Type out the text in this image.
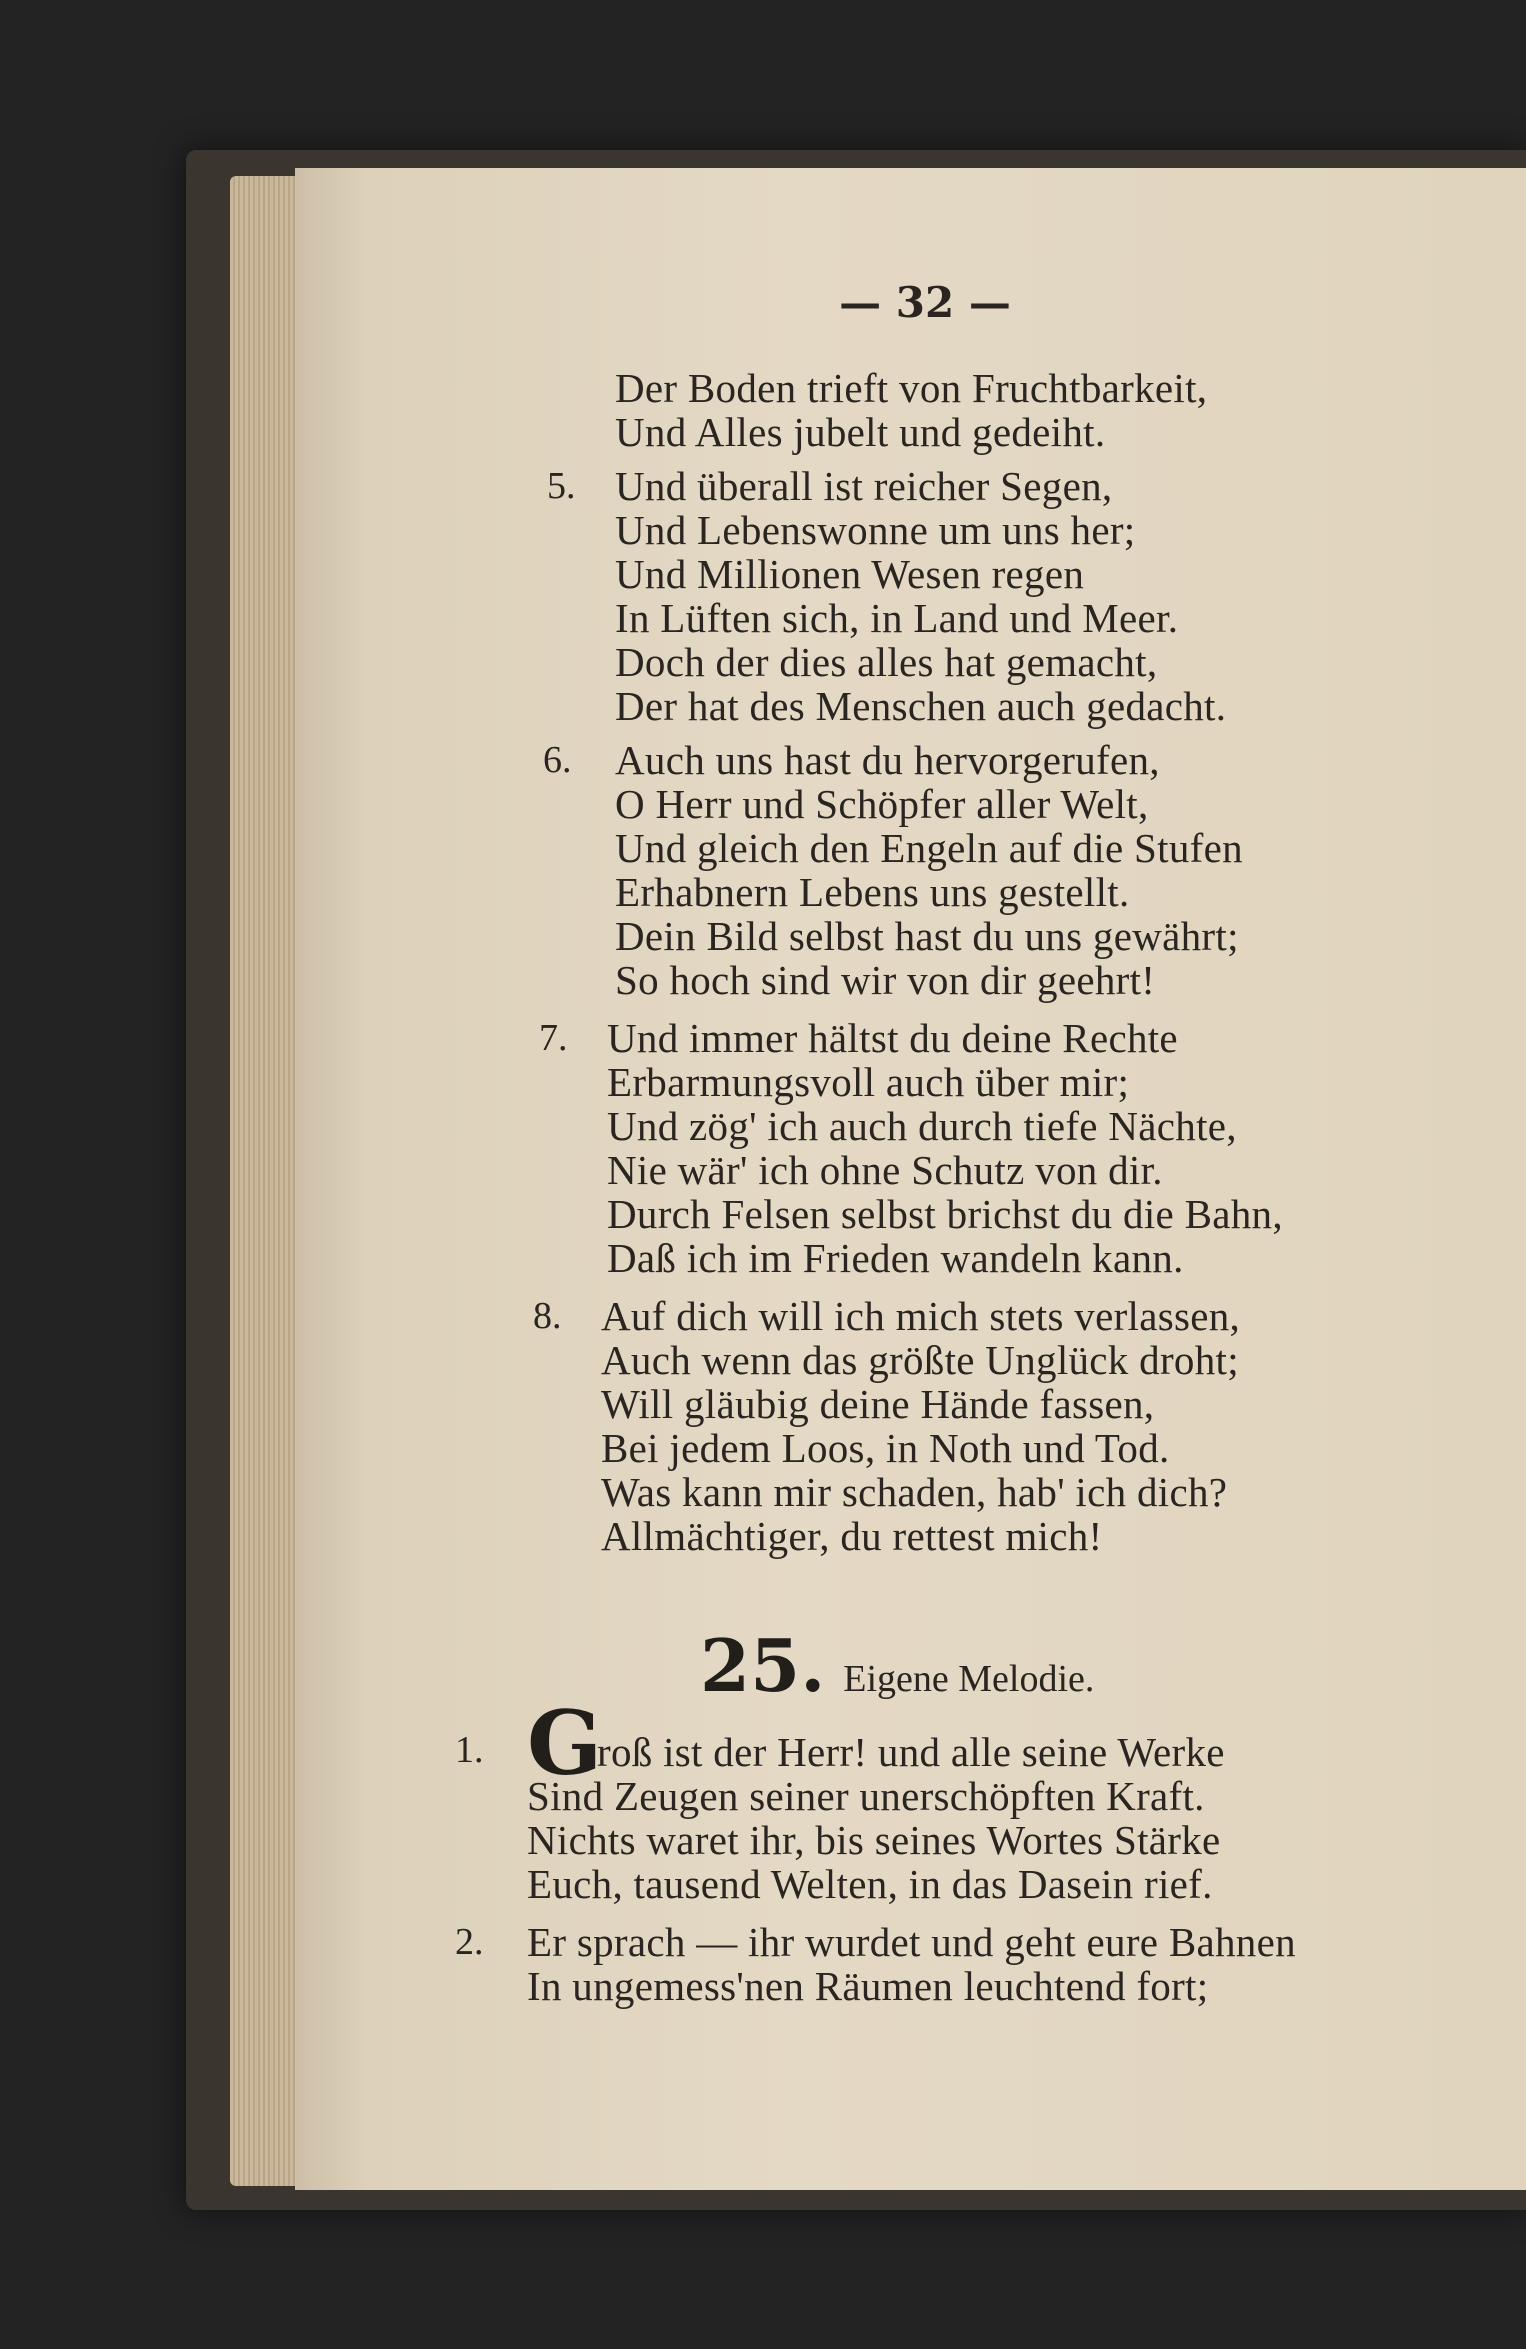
— 32 —
Der Boden trieft von Fruchtbarkeit,
Und Alles jubelt und gedeiht.
5. Und überall ist reicher Segen,
Und Lebenswonne um uns her;
Und Millionen Wesen regen
In Lüften sich, in Land und Meer.
Doch der dies alles hat gemacht,
Der hat des Menschen auch gedacht.
6. Auch uns hast du hervorgerufen,
O Herr und Schöpfer aller Welt,
Und gleich den Engeln auf die Stufen
Erhabnern Lebens uns gestellt.
Dein Bild selbst hast du uns gewährt;
So hoch sind wir von dir geehrt!
7. Und immer hältst du deine Rechte
Erbarmungsvoll auch über mir;
Und zög' ich auch durch tiefe Nächte,
Nie wär' ich ohne Schutz von dir.
Durch Felsen selbst brichst du die Bahn,
Daß ich im Frieden wandeln kann.
8. Auf dich will ich mich stets verlassen,
Auch wenn das größte Unglück droht;
Will gläubig deine Hände fassen,
Bei jedem Loos, in Noth und Tod.
Was kann mir schaden, hab' ich dich?
Allmächtiger, du rettest mich!
25. Eigene Melodie.
1. G
roß ist der Herr! und alle seine Werke
Sind Zeugen seiner unerschöpften Kraft.
Nichts waret ihr, bis seines Wortes Stärke
Euch, tausend Welten, in das Dasein rief.
2. Er sprach — ihr wurdet und geht eure Bahnen
In ungemess'nen Räumen leuchtend fort;
